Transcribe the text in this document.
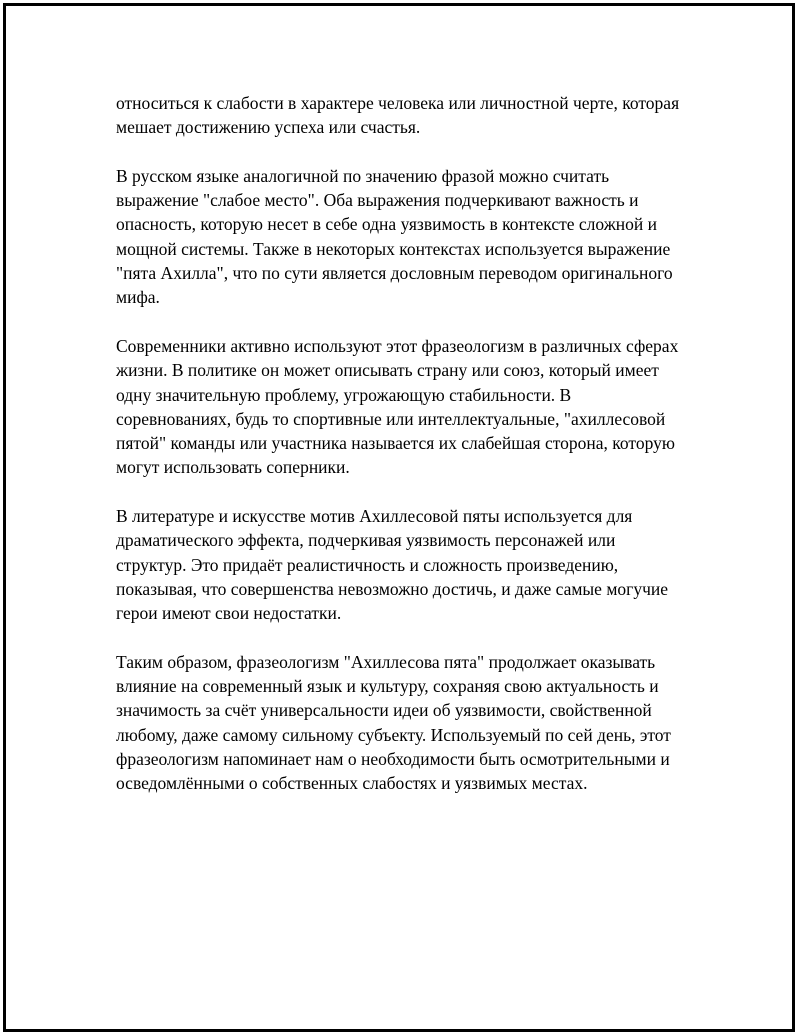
относиться к слабости в характере человека или личностной черте, которая мешает достижению успеха или счастья.

В русском языке аналогичной по значению фразой можно считать выражение "слабое место". Оба выражения подчеркивают важность и опасность, которую несет в себе одна уязвимость в контексте сложной и мощной системы. Также в некоторых контекстах используется выражение "пята Ахилла", что по сути является дословным переводом оригинального мифа.

Современники активно используют этот фразеологизм в различных сферах жизни. В политике он может описывать страну или союз, который имеет одну значительную проблему, угрожающую стабильности. В соревнованиях, будь то спортивные или интеллектуальные, "ахиллесовой пятой" команды или участника называется их слабейшая сторона, которую могут использовать соперники.

В литературе и искусстве мотив Ахиллесовой пяты используется для драматического эффекта, подчеркивая уязвимость персонажей или структур. Это придаёт реалистичность и сложность произведению, показывая, что совершенства невозможно достичь, и даже самые могучие герои имеют свои недостатки.

Таким образом, фразеологизм "Ахиллесова пята" продолжает оказывать влияние на современный язык и культуру, сохраняя свою актуальность и значимость за счёт универсальности идеи об уязвимости, свойственной любому, даже самому сильному субъекту. Используемый по сей день, этот фразеологизм напоминает нам о необходимости быть осмотрительными и осведомлёнными о собственных слабостях и уязвимых местах.
